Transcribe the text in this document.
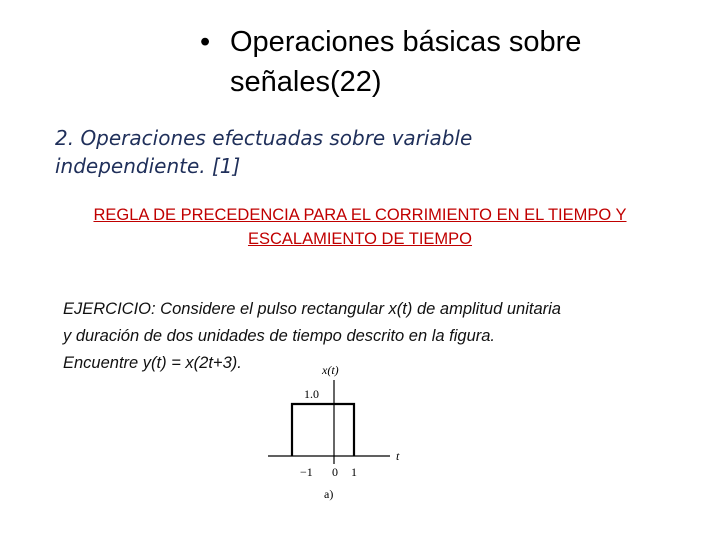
• Operaciones básicas sobre
señales(22)
2. Operaciones efectuadas sobre variable
independiente. [1]
REGLA DE PRECEDENCIA PARA EL CORRIMIENTO EN EL TIEMPO Y
ESCALAMIENTO DE TIEMPO
EJERCICIO: Considere el pulso rectangular x(t) de amplitud unitaria
y duración de dos unidades de tiempo descrito en la figura.
Encuentre y(t) = x(2t+3).	x(t)
t
1.0
−1 0 1
a)
